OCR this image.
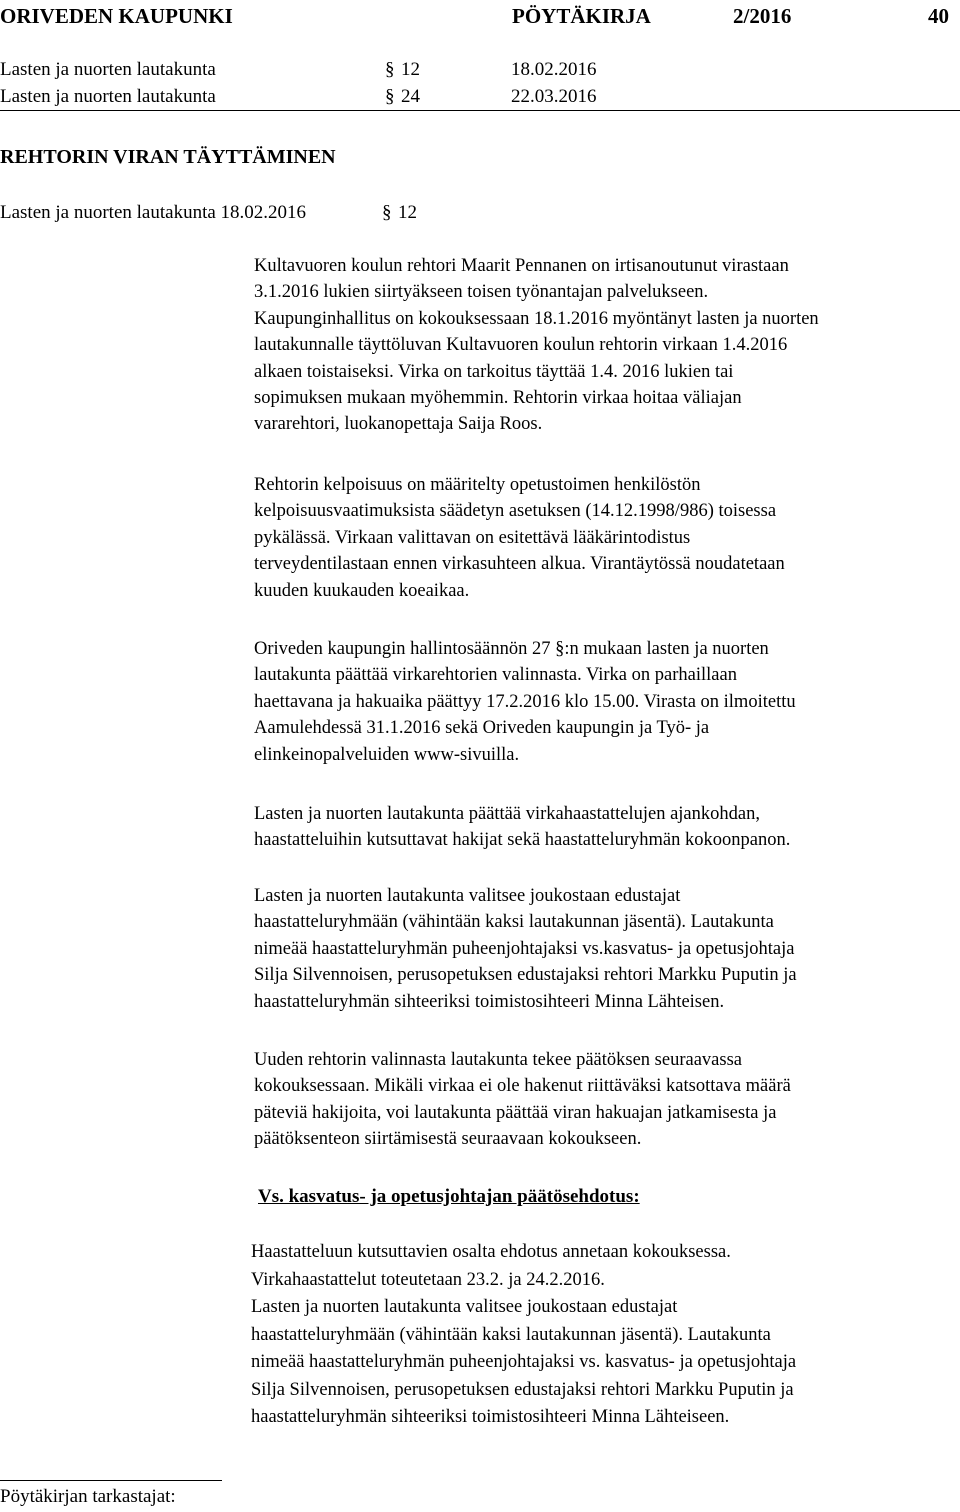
ORIVEDEN KAUPUNKI	PÖYTÄKIRJA	2/2016	40
Lasten ja nuorten lautakunta	§ 12	18.02.2016
Lasten ja nuorten lautakunta	§ 24	22.03.2016
REHTORIN VIRAN TÄYTTÄMINEN
Lasten ja nuorten lautakunta 18.02.2016	§ 12
Kultavuoren koulun rehtori Maarit Pennanen on irtisanoutunut virastaan
3.1.2016 lukien siirtyäkseen toisen työnantajan palvelukseen.
Kaupunginhallitus on kokouksessaan 18.1.2016 myöntänyt lasten ja nuorten
lautakunnalle täyttöluvan Kultavuoren koulun rehtorin virkaan 1.4.2016
alkaen toistaiseksi. Virka on tarkoitus täyttää 1.4. 2016 lukien tai
sopimuksen mukaan myöhemmin. Rehtorin virkaa hoitaa väliajan
vararehtori, luokanopettaja Saija Roos.
Rehtorin kelpoisuus on määritelty opetustoimen henkilöstön
kelpoisuusvaatimuksista säädetyn asetuksen (14.12.1998/986) toisessa
pykälässä. Virkaan valittavan on esitettävä lääkärintodistus
terveydentilastaan ennen virkasuhteen alkua. Virantäytössä noudatetaan
kuuden kuukauden koeaikaa.
Oriveden kaupungin hallintosäännön 27 §:n mukaan lasten ja nuorten
lautakunta päättää virkarehtorien valinnasta. Virka on parhaillaan
haettavana ja hakuaika päättyy 17.2.2016 klo 15.00. Virasta on ilmoitettu
Aamulehdessä 31.1.2016 sekä Oriveden kaupungin ja Työ- ja
elinkeinopalveluiden www-sivuilla.
Lasten ja nuorten lautakunta päättää virkahaastattelujen ajankohdan,
haastatteluihin kutsuttavat hakijat sekä haastatteluryhmän kokoonpanon.
Lasten ja nuorten lautakunta valitsee joukostaan edustajat
haastatteluryhmään (vähintään kaksi lautakunnan jäsentä). Lautakunta
nimeää haastatteluryhmän puheenjohtajaksi vs.kasvatus- ja opetusjohtaja
Silja Silvennoisen, perusopetuksen edustajaksi rehtori Markku Puputin ja
haastatteluryhmän sihteeriksi toimistosihteeri Minna Lähteisen.
Uuden rehtorin valinnasta lautakunta tekee päätöksen seuraavassa
kokouksessaan. Mikäli virkaa ei ole hakenut riittäväksi katsottava määrä
päteviä hakijoita, voi lautakunta päättää viran hakuajan jatkamisesta ja
päätöksenteon siirtämisestä seuraavaan kokoukseen.
Vs. kasvatus- ja opetusjohtajan päätösehdotus:
Haastatteluun kutsuttavien osalta ehdotus annetaan kokouksessa.
Virkahaastattelut toteutetaan 23.2. ja 24.2.2016.
Lasten ja nuorten lautakunta valitsee joukostaan edustajat
haastatteluryhmään (vähintään kaksi lautakunnan jäsentä). Lautakunta
nimeää haastatteluryhmän puheenjohtajaksi vs. kasvatus- ja opetusjohtaja
Silja Silvennoisen, perusopetuksen edustajaksi rehtori Markku Puputin ja
haastatteluryhmän sihteeriksi toimistosihteeri Minna Lähteiseen.
Pöytäkirjan tarkastajat:
